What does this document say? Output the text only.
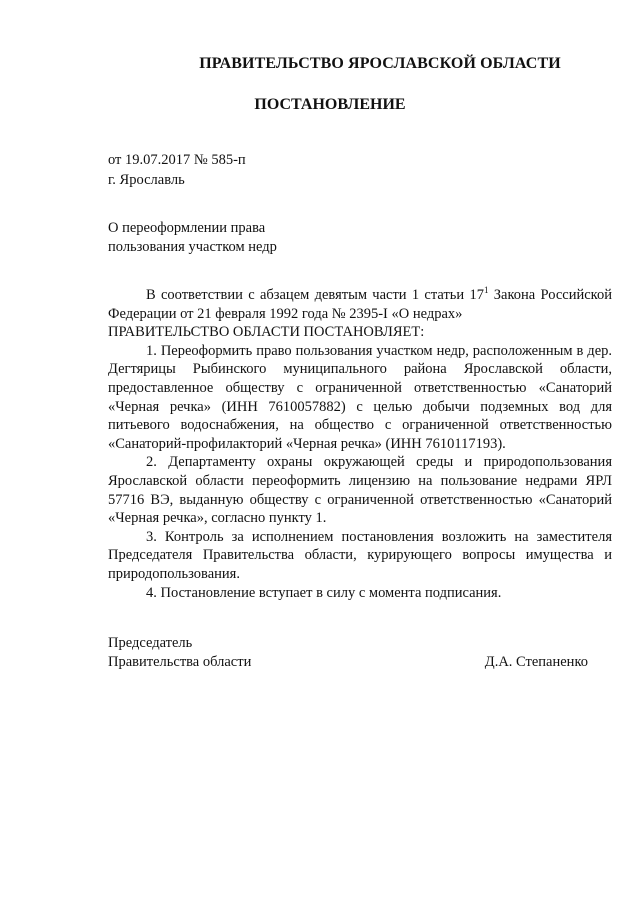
ПРАВИТЕЛЬСТВО ЯРОСЛАВСКОЙ ОБЛАСТИ
ПОСТАНОВЛЕНИЕ
от 19.07.2017 № 585-п
г. Ярославль
О переоформлении права
пользования участком недр

В соответствии с абзацем девятым части 1 статьи $17^1$ Закона Российской Федерации от 21 февраля 1992 года № 2395-I «О недрах»

ПРАВИТЕЛЬСТВО ОБЛАСТИ ПОСТАНОВЛЯЕТ:

1. Переоформить право пользования участком недр, расположенным в дер. Дегтярицы Рыбинского муниципального района Ярославской области, предоставленное обществу с ограниченной ответственностью «Санаторий «Черная речка» (ИНН 7610057882) с целью добычи подземных вод для питьевого водоснабжения, на общество с ограниченной ответственностью «Санаторий-профилакторий «Черная речка» (ИНН 7610117193).

2. Департаменту охраны окружающей среды и природопользования Ярославской области переоформить лицензию на пользование недрами ЯРЛ 57716 ВЭ, выданную обществу с ограниченной ответственностью «Санаторий «Черная речка», согласно пункту 1.

3. Контроль за исполнением постановления возложить на заместителя Председателя Правительства области, курирующего вопросы имущества и природопользования.

4. Постановление вступает в силу с момента подписания.

Председатель
Правительства области	Д.А. Степаненко
